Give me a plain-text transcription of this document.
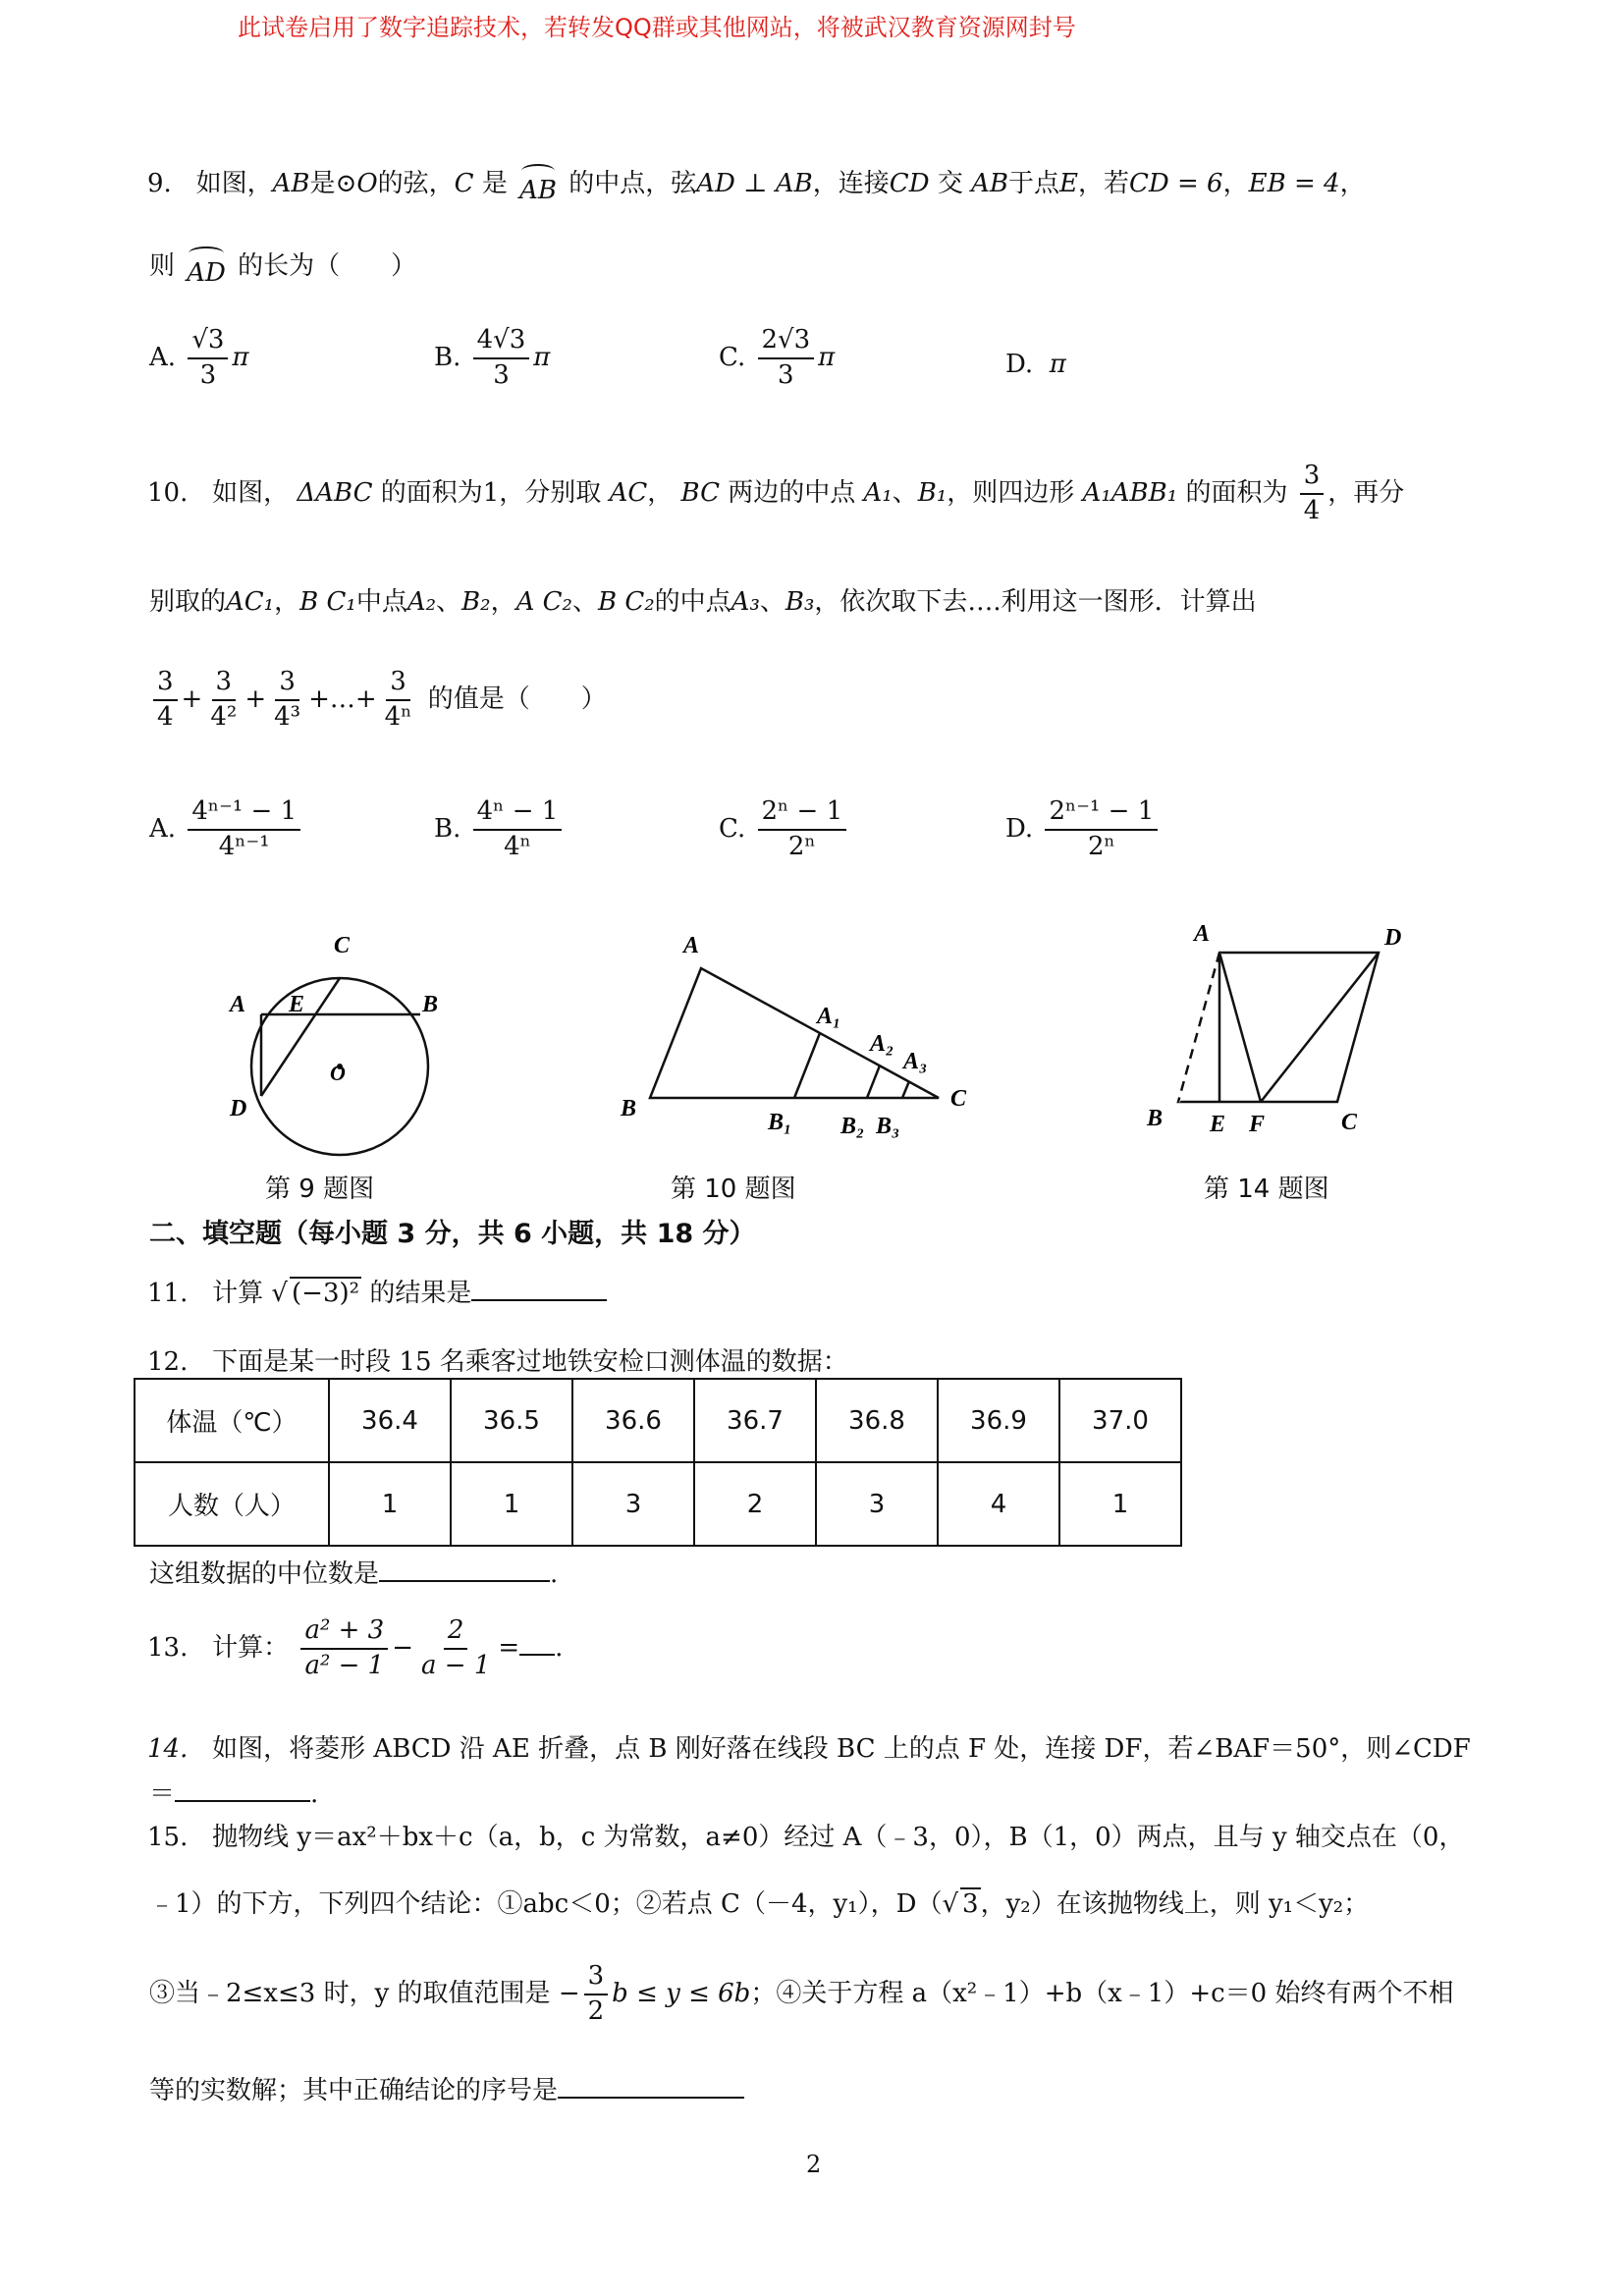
此试卷启用了数字追踪技术，若转发QQ群或其他网站，将被武汉教育资源网封号
9. 如图，AB是⊙O的弦，C 是 AB 的中点，弦AD ⊥ AB，连接CD 交 AB于点E，若CD = 6，EB = 4，
则 AD 的长为（　　）
A. $\frac{√3}{3}$ π	B. $\frac{4√3}{3}$ π	C. $\frac{2√3}{3}$ π	D. π
10. 如图， ΔABC 的面积为1，分别取 AC， BC 两边的中点 A₁、B₁，则四边形 A₁ABB₁ 的面积为 $\frac{3}{4}$ ，再分
别取的AC₁，B C₁中点A₂、B₂，A C₂、B C₂的中点A₃、B₃，依次取下去….利用这一图形．计算出
$\frac{3}{4} + \frac{3}{\text{4²}} + \frac{3}{\text{4³}}$ +…+ $\frac{3}{\text{4ⁿ}}$ 的值是（　　）
A. $\frac{\text{4ⁿ⁻¹ − 1}}{\text{4ⁿ⁻¹}}$	B. $\frac{\text{4ⁿ − 1}}{\text{4ⁿ}}$	C. $\frac{\text{2ⁿ − 1}}{\text{2ⁿ}}$	D. $\frac{\text{2ⁿ⁻¹ − 1}}{\text{2ⁿ}}$
C
A E	B
O
D
第 9 题图
A
B	C
A₁
A₂
A₃
B₁ B₂ B₃
第 10 题图
A	D
B E F	C
第 14 题图
二、填空题（每小题 3 分，共 6 小题，共 18 分）
11. 计算 √ (−3)² 的结果是
12. 下面是某一时段 15 名乘客过地铁安检口测体温的数据：
体温（℃）	36.4	36.5	36.6	36.7	36.8	36.9	37.0
人数（人）	1	1	3	2	3	4	1
这组数据的中位数是	.
13. 计算： $\frac{\text{a² + 3}}{\text{a² − 1}} - \frac{2}{a - 1}$ = .
14. 如图，将菱形 ABCD 沿 AE 折叠，点 B 刚好落在线段 BC 上的点 F 处，连接 DF，若∠BAF＝50°，则∠CDF
＝	.
15. 抛物线 y＝ax²＋bx＋c（a，b，c 为常数，a≠0）经过 A（﹣3，0），B（1，0）两点，且与 y 轴交点在（0，
﹣1）的下方，下列四个结论：①abc＜0；②若点 C（－4，y₁），D（√ 3，y₂）在该抛物线上，则 y₁＜y₂；
③当﹣2≤x≤3 时，y 的取值范围是 − $\frac{3}{2}$ b ≤ y ≤ 6b；④关于方程 a（x²﹣1）+b（x﹣1）+c＝0 始终有两个不相
等的实数解；其中正确结论的序号是
2
